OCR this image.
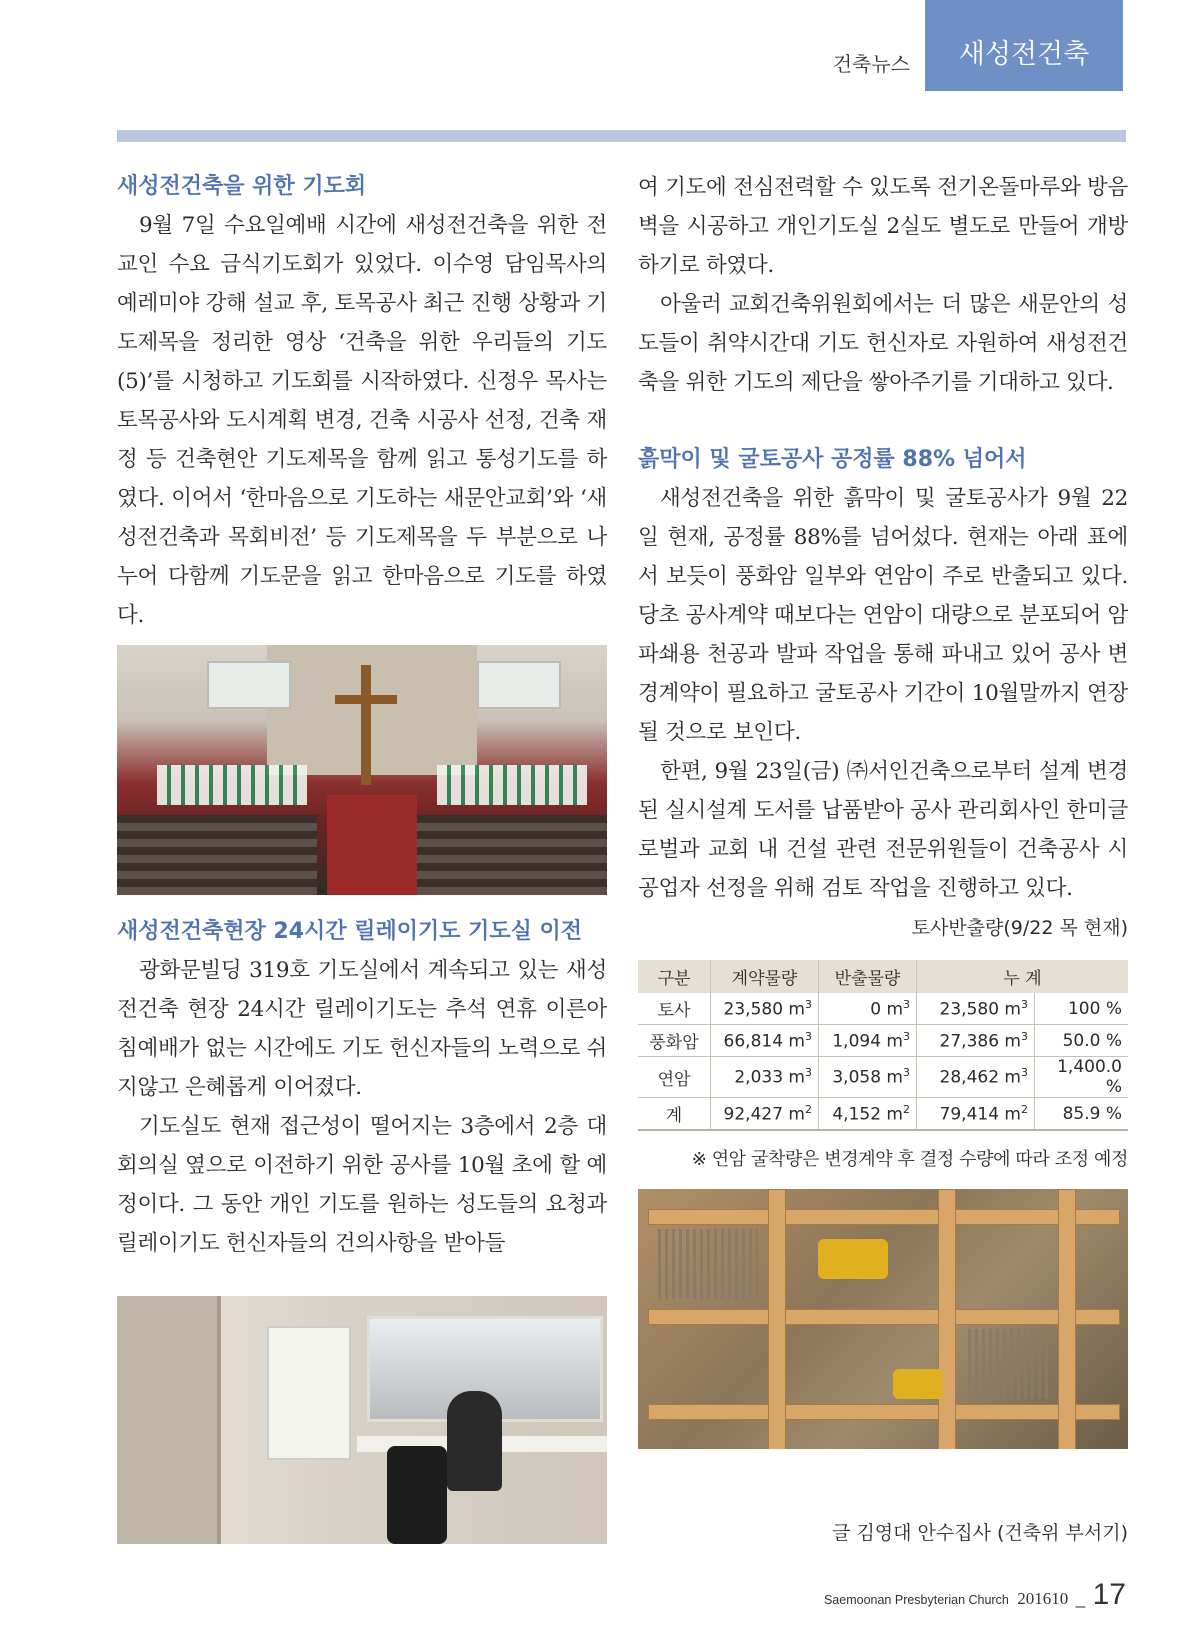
건축뉴스	새성전건축
새성전건축을 위한 기도회

9월 7일 수요일예배 시간에 새성전건축을 위한 전교인 수요 금식기도회가 있었다. 이수영 담임목사의 예레미야 강해 설교 후, 토목공사 최근 진행 상황과 기도제목을 정리한 영상 ‘건축을 위한 우리들의 기도(5)’를 시청하고 기도회를 시작하였다. 신정우 목사는 토목공사와 도시계획 변경, 건축 시공사 선정, 건축 재정 등 건축현안 기도제목을 함께 읽고 통성기도를 하였다. 이어서 ‘한마음으로 기도하는 새문안교회’와 ‘새성전건축과 목회비전’ 등 기도제목을 두 부분으로 나누어 다함께 기도문을 읽고 한마음으로 기도를 하였다.

새성전건축현장 24시간 릴레이기도 기도실 이전

광화문빌딩 319호 기도실에서 계속되고 있는 새성전건축 현장 24시간 릴레이기도는 추석 연휴 이른아침예배가 없는 시간에도 기도 헌신자들의 노력으로 쉬지않고 은혜롭게 이어졌다.

기도실도 현재 접근성이 떨어지는 3층에서 2층 대회의실 옆으로 이전하기 위한 공사를 10월 초에 할 예정이다. 그 동안 개인 기도를 원하는 성도들의 요청과 릴레이기도 헌신자들의 건의사항을 받아들

여 기도에 전심전력할 수 있도록 전기온돌마루와 방음벽을 시공하고 개인기도실 2실도 별도로 만들어 개방하기로 하였다.

아울러 교회건축위원회에서는 더 많은 새문안의 성도들이 취약시간대 기도 헌신자로 자원하여 새성전건축을 위한 기도의 제단을 쌓아주기를 기대하고 있다.

흙막이 및 굴토공사 공정률 88% 넘어서

새성전건축을 위한 흙막이 및 굴토공사가 9월 22일 현재, 공정률 88%를 넘어섰다. 현재는 아래 표에서 보듯이 풍화암 일부와 연암이 주로 반출되고 있다. 당초 공사계약 때보다는 연암이 대량으로 분포되어 암파쇄용 천공과 발파 작업을 통해 파내고 있어 공사 변경계약이 필요하고 굴토공사 기간이 10월말까지 연장될 것으로 보인다.

한편, 9월 23일(금) ㈜서인건축으로부터 설계 변경된 실시설계 도서를 납품받아 공사 관리회사인 한미글로벌과 교회 내 건설 관련 전문위원들이 건축공사 시공업자 선정을 위해 검토 작업을 진행하고 있다.

토사반출량(9/22 목 현재)
구분	계약물량	반출물량	누 계	
토사	23,580 $m^3$	0 $m^3$	23,580 $m^3$	100 %
풍화암	66,814 $m^3$	1,094 $m^3$	27,386 $m^3$	50.0 %
연암	2,033 $m^3$	3,058 $m^3$	28,462 $m^3$	1,400.0 %
계	92,427 $m^2$	4,152 $m^2$	79,414 $m^2$	85.9 %
※ 연암 굴착량은 변경계약 후 결정 수량에 따라 조정 예정
글 김영대 안수집사 (건축위 부서기)
Saemoonan Presbyterian Church 201610 _ 17
